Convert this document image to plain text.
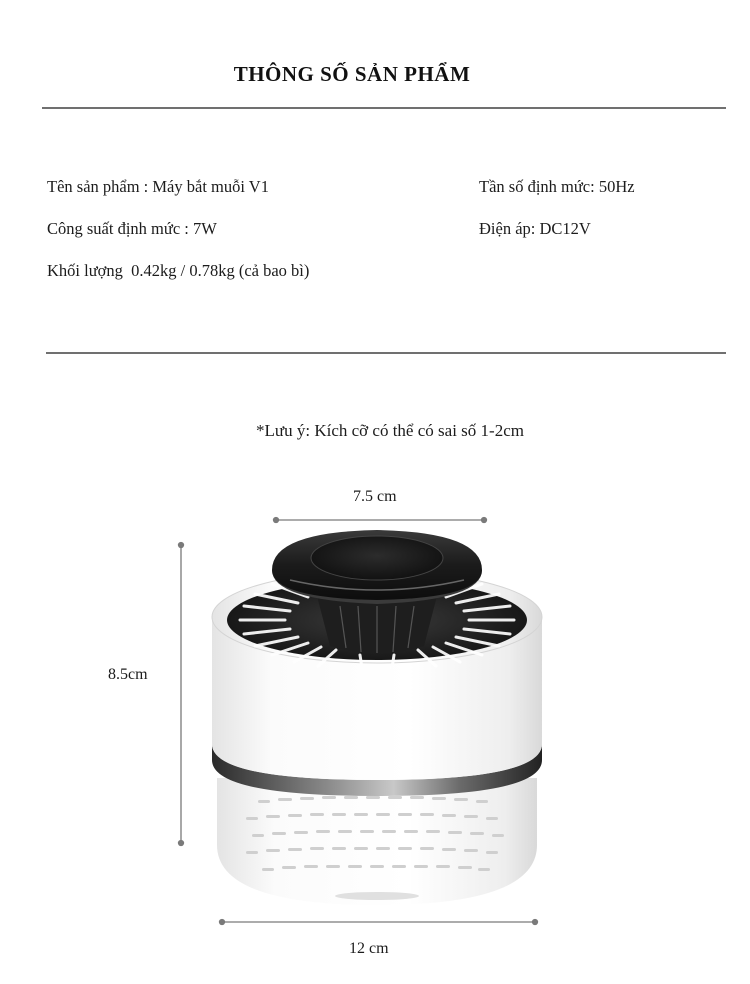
THÔNG SỐ SẢN PHẨM
Tên sản phẩm : Máy bắt muỗi V1
Công suất định mức : 7W
Khối lượng  0.42kg / 0.78kg (cả bao bì)
Tần số định mức: 50Hz
Điện áp: DC12V
*Lưu ý: Kích cỡ có thể có sai số 1-2cm
7.5 cm
8.5cm
12 cm
